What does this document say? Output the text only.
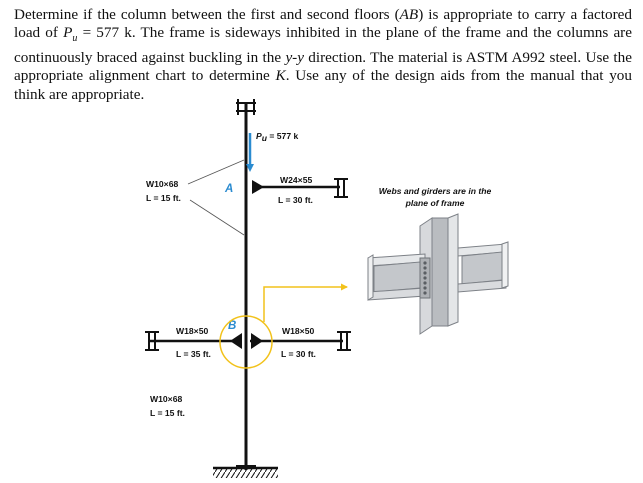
Determine if the column between the first and second floors (AB) is appropriate to carry a factored load of $P_u = 577$ k. The frame is sideways inhibited in the plane of the frame and the columns are continuously braced against buckling in the y-y direction. The material is ASTM A992 steel. Use the appropriate alignment chart to determine K. Use any of the design aids from the manual that you think are appropriate.

Pu = 577 k
W24×55
L = 30 ft.
A
W10×68
L = 15 ft.
W18×50
L = 35 ft.
W18×50
L = 30 ft.
B
W10×68
L = 15 ft.
Webs and girders are in the
plane of frame
